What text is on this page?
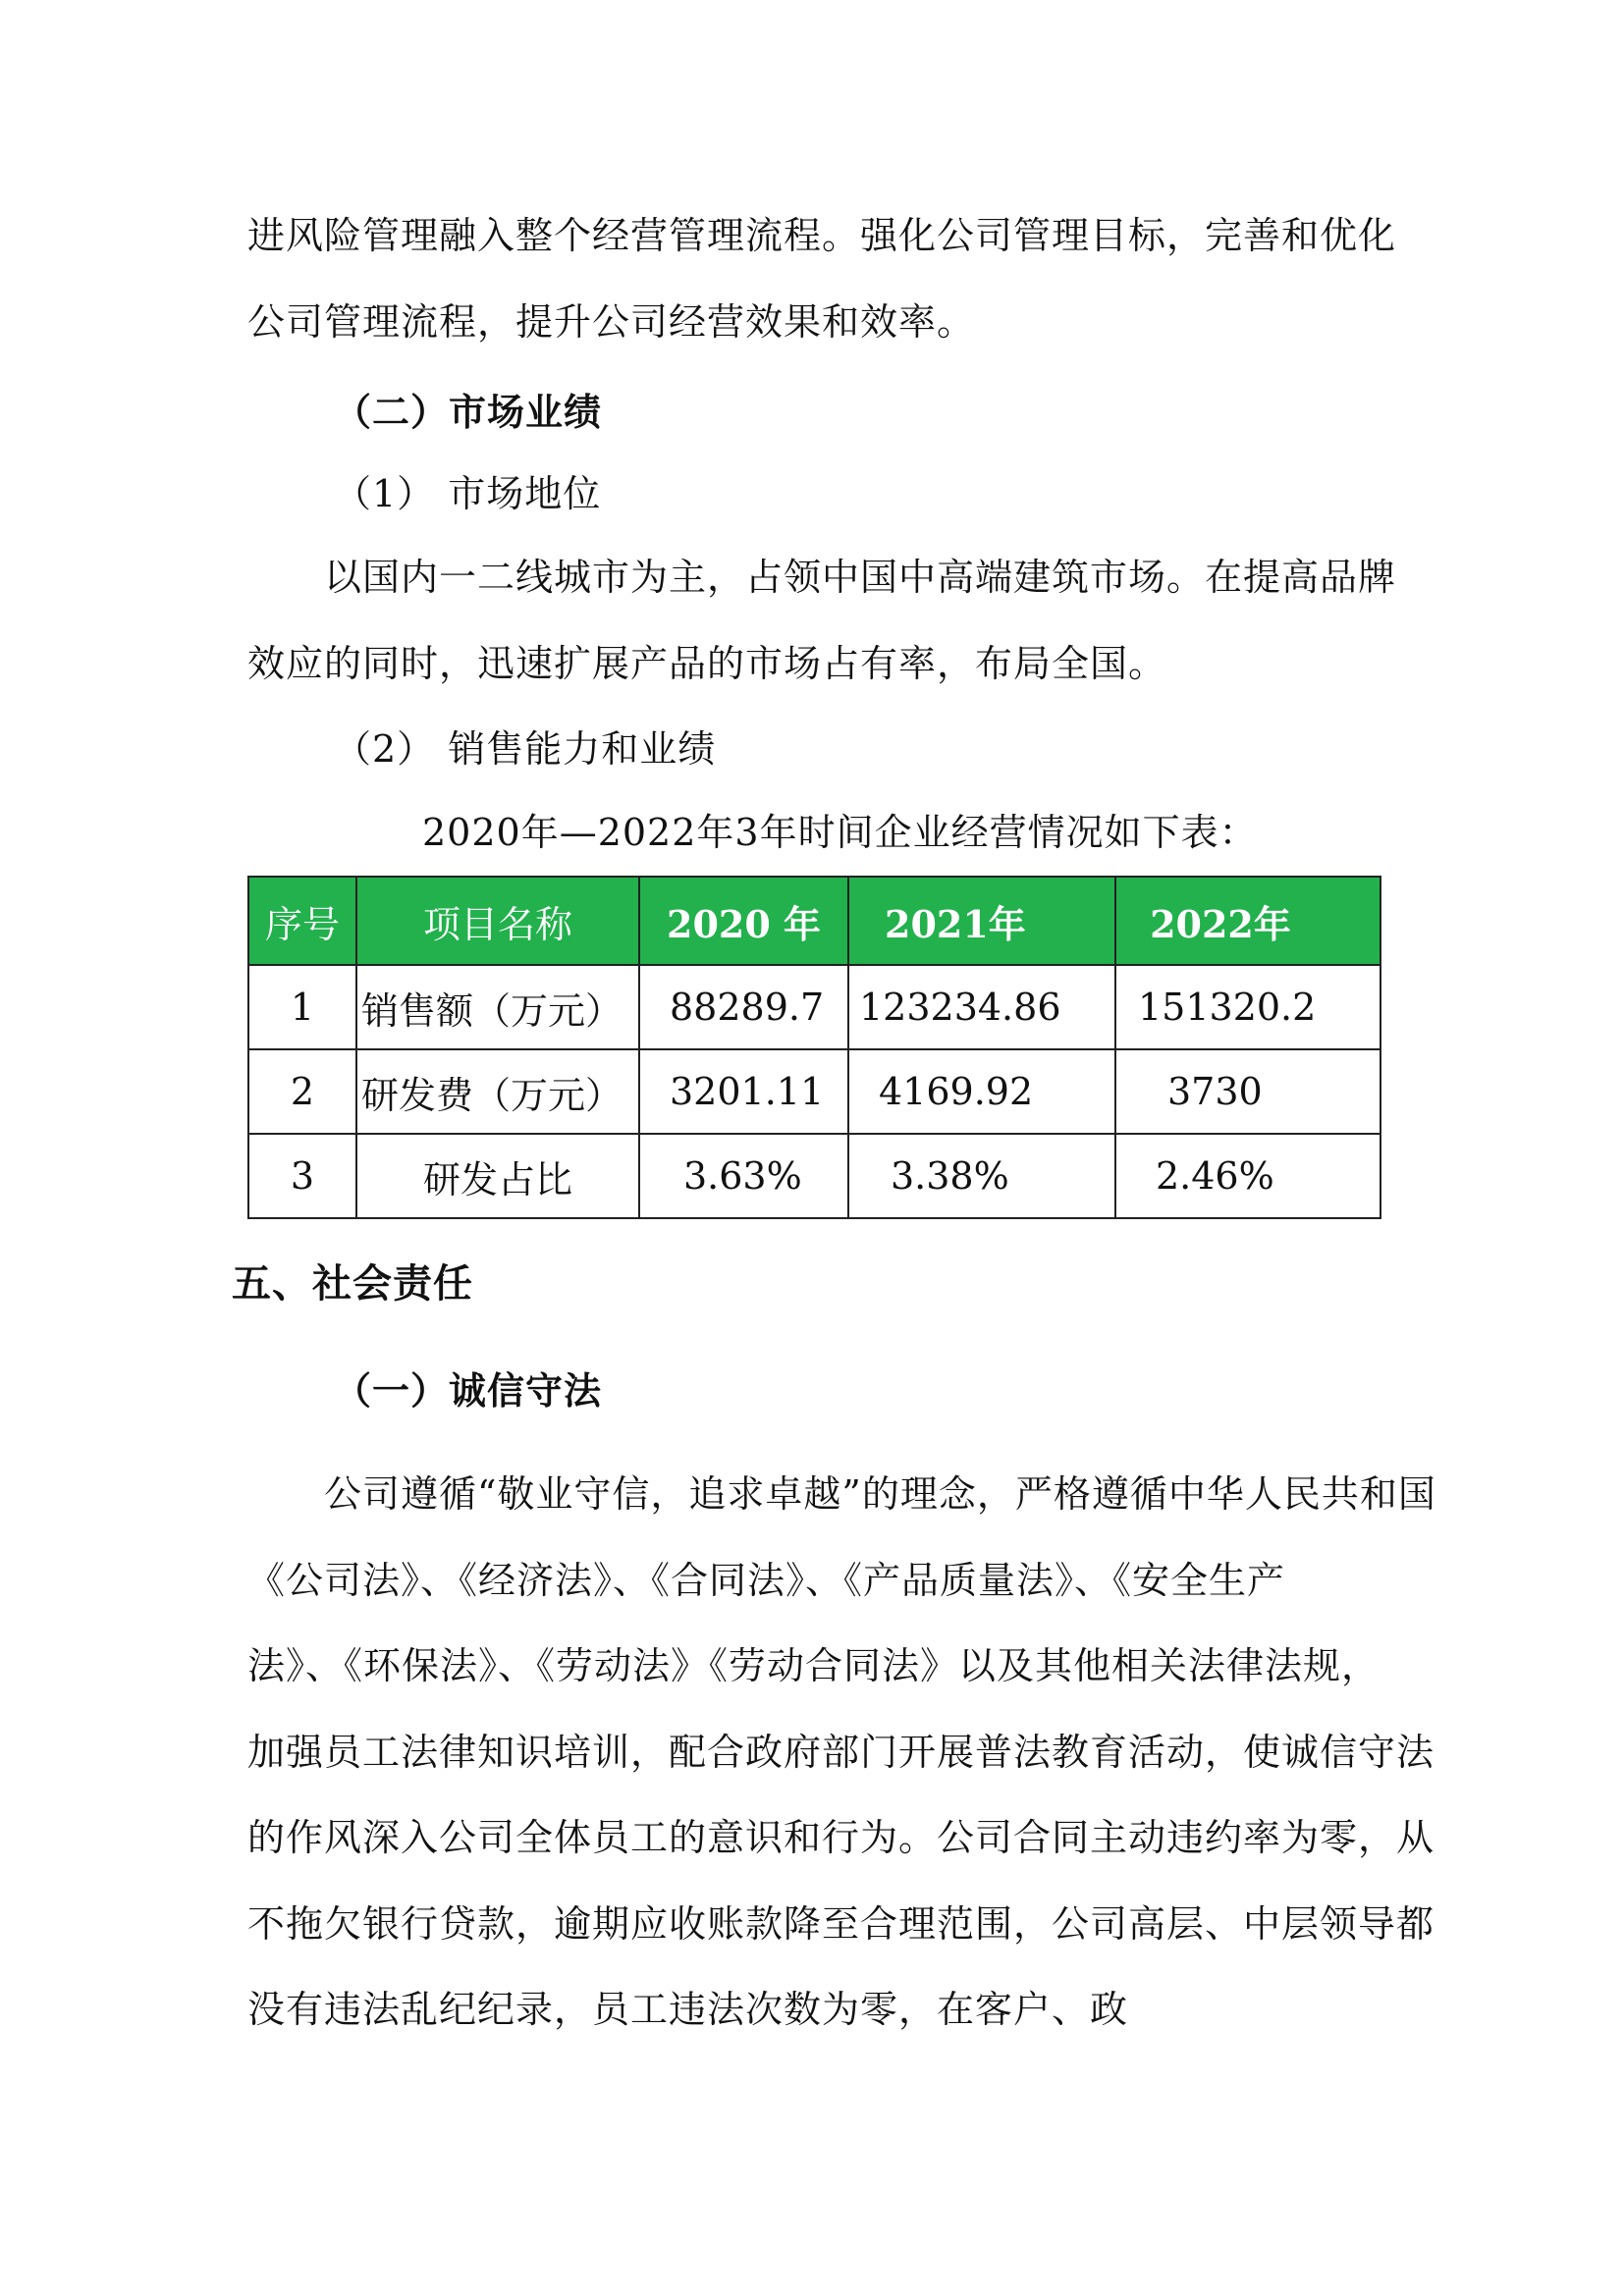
进风险管理融入整个经营管理流程。强化公司管理目标，完善和优化
公司管理流程，提升公司经营效果和效率。
（二）市场业绩
（1） 市场地位
以国内一二线城市为主，占领中国中高端建筑市场。在提高品牌
效应的同时，迅速扩展产品的市场占有率，布局全国。
（2） 销售能力和业绩
2020年—2022年3年时间企业经营情况如下表：
序号	项目名称	2020 年	2021年	2022年
1	销售额（万元）	88289.7	123234.86	151320.2
2	研发费（万元）	3201.11	4169.92	3730
3	研发占比	3.63%	3.38%	2.46%
五、社会责任
（一）诚信守法
公司遵循“敬业守信，追求卓越”的理念，严格遵循中华人民共和国
《公司法》、《经济法》、《合同法》、《产品质量法》、《安全生产
法》、《环保法》、《劳动法》《劳动合同法》以及其他相关法律法规，
加强员工法律知识培训，配合政府部门开展普法教育活动，使诚信守法
的作风深入公司全体员工的意识和行为。公司合同主动违约率为零，从
不拖欠银行贷款，逾期应收账款降至合理范围，公司高层、中层领导都
没有违法乱纪纪录，员工违法次数为零，在客户、政
